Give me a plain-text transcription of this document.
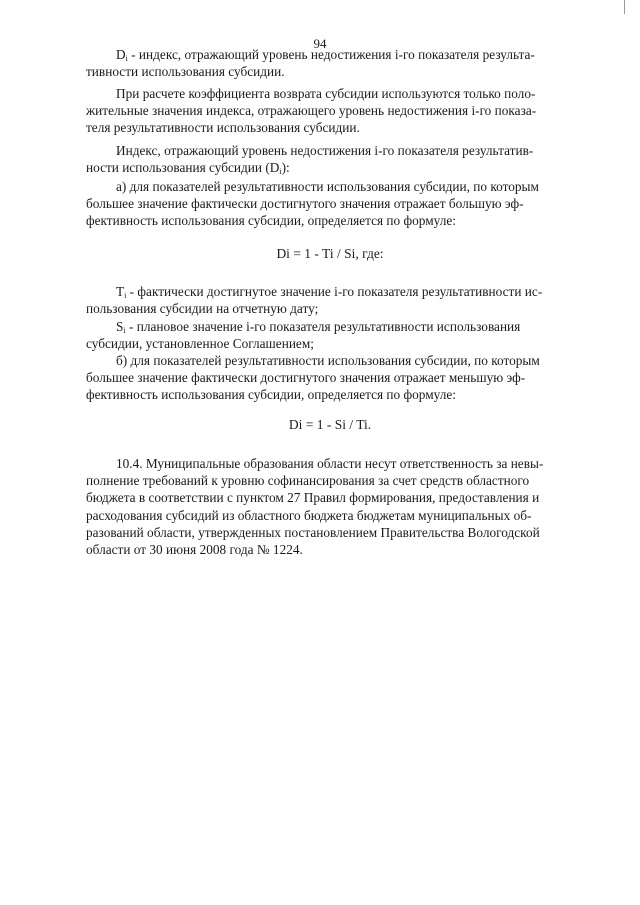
94

$D_i$ - индекс, отражающий уровень недостижения i-го показателя результа-
тивности использования субсидии.

При расчете коэффициента возврата субсидии используются только поло-
жительные значения индекса, отражающего уровень недостижения i-го показа-
теля результативности использования субсидии.

Индекс, отражающий уровень недостижения i-го показателя результатив-
ности использования субсидии $(D_i)$:

а) для показателей результативности использования субсидии, по которым
большее значение фактически достигнутого значения отражает большую эф-
фективность использования субсидии, определяется по формуле:

Di = 1 - Ti / Si, где:

$T_i$ - фактически достигнутое значение i-го показателя результативности ис-
пользования субсидии на отчетную дату;

$S_i$ - плановое значение i-го показателя результативности использования
субсидии, установленное Соглашением;

б) для показателей результативности использования субсидии, по которым
большее значение фактически достигнутого значения отражает меньшую эф-
фективность использования субсидии, определяется по формуле:

Di = 1 - Si / Ti.

10.4. Муниципальные образования области несут ответственность за невы-
полнение требований к уровню софинансирования за счет средств областного
бюджета в соответствии с пунктом 27 Правил формирования, предоставления и
расходования субсидий из областного бюджета бюджетам муниципальных об-
разований области, утвержденных постановлением Правительства Вологодской
области от 30 июня 2008 года № 1224.
